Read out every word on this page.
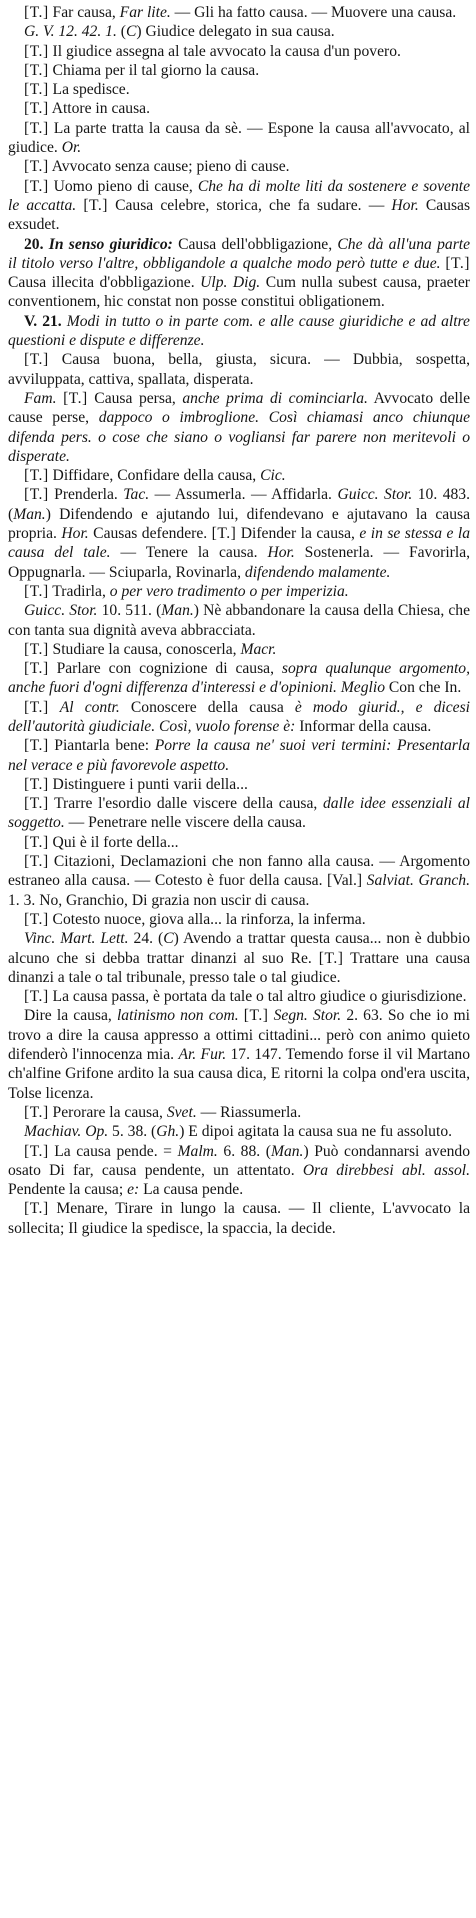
[T.] Far causa, Far lite. — Gli ha fatto causa. — Muovere una causa.

G. V. 12. 42. 1. (C) Giudice delegato in sua causa.

[T.] Il giudice assegna al tale avvocato la causa d'un povero.

[T.] Chiama per il tal giorno la causa.

[T.] La spedisce.

[T.] Attore in causa.

[T.] La parte tratta la causa da sè. — Espone la causa all'avvocato, al giudice. Or.

[T.] Avvocato senza cause; pieno di cause.

[T.] Uomo pieno di cause, Che ha di molte liti da sostenere e sovente le accatta. [T.] Causa celebre, storica, che fa sudare. — Hor. Causas exsudet.

20. In senso giuridico: Causa dell'obbligazione, Che dà all'una parte il titolo verso l'altre, obbligandole a qualche modo però tutte e due. [T.] Causa illecita d'obbligazione. Ulp. Dig. Cum nulla subest causa, praeter conventionem, hic constat non posse constitui obligationem.

V. 21. Modi in tutto o in parte com. e alle cause giuridiche e ad altre questioni e dispute e differenze.

[T.] Causa buona, bella, giusta, sicura. — Dubbia, sospetta, avviluppata, cattiva, spallata, disperata.

Fam. [T.] Causa persa, anche prima di cominciarla. Avvocato delle cause perse, dappoco o imbroglione. Così chiamasi anco chiunque difenda pers. o cose che siano o vogliansi far parere non meritevoli o disperate.

[T.] Diffidare, Confidare della causa, Cic.

[T.] Prenderla. Tac. — Assumerla. — Affidarla. Guicc. Stor. 10. 483. (Man.) Difendendo e ajutando lui, difendevano e ajutavano la causa propria. Hor. Causas defendere. [T.] Difender la causa, e in se stessa e la causa del tale. — Tenere la causa. Hor. Sostenerla. — Favorirla, Oppugnarla. — Sciuparla, Rovinarla, difendendo malamente.

[T.] Tradirla, o per vero tradimento o per imperizia.

Guicc. Stor. 10. 511. (Man.) Nè abbandonare la causa della Chiesa, che con tanta sua dignità aveva abbracciata.

[T.] Studiare la causa, conoscerla, Macr.

[T.] Parlare con cognizione di causa, sopra qualunque argomento, anche fuori d'ogni differenza d'interessi e d'opinioni. Meglio Con che In.

[T.] Al contr. Conoscere della causa è modo giurid., e dicesi dell'autorità giudiciale. Così, vuolo forense è: Informar della causa.

[T.] Piantarla bene: Porre la causa ne' suoi veri termini: Presentarla nel verace e più favorevole aspetto.

[T.] Distinguere i punti varii della...

[T.] Trarre l'esordio dalle viscere della causa, dalle idee essenziali al soggetto. — Penetrare nelle viscere della causa.

[T.] Qui è il forte della...

[T.] Citazioni, Declamazioni che non fanno alla causa. — Argomento estraneo alla causa. — Cotesto è fuor della causa. [Val.] Salviat. Granch. 1. 3. No, Granchio, Di grazia non uscir di causa.

[T.] Cotesto nuoce, giova alla... la rinforza, la inferma.

Vinc. Mart. Lett. 24. (C) Avendo a trattar questa causa... non è dubbio alcuno che si debba trattar dinanzi al suo Re. [T.] Trattare una causa dinanzi a tale o tal tribunale, presso tale o tal giudice.

[T.] La causa passa, è portata da tale o tal altro giudice o giurisdizione.

Dire la causa, latinismo non com. [T.] Segn. Stor. 2. 63. So che io mi trovo a dire la causa appresso a ottimi cittadini... però con animo quieto difenderò l'innocenza mia. Ar. Fur. 17. 147. Temendo forse il vil Martano ch'alfine Grifone ardito la sua causa dica, E ritorni la colpa ond'era uscita, Tolse licenza.

[T.] Perorare la causa, Svet. — Riassumerla.

Machiav. Op. 5. 38. (Gh.) E dipoi agitata la causa sua ne fu assoluto.

[T.] La causa pende. = Malm. 6. 88. (Man.) Può condannarsi avendo osato Di far, causa pendente, un attentato. Ora direbbesi abl. assol. Pendente la causa; e: La causa pende.

[T.] Menare, Tirare in lungo la causa. — Il cliente, L'avvocato la sollecita; Il giudice la spedisce, la spaccia, la decide.
